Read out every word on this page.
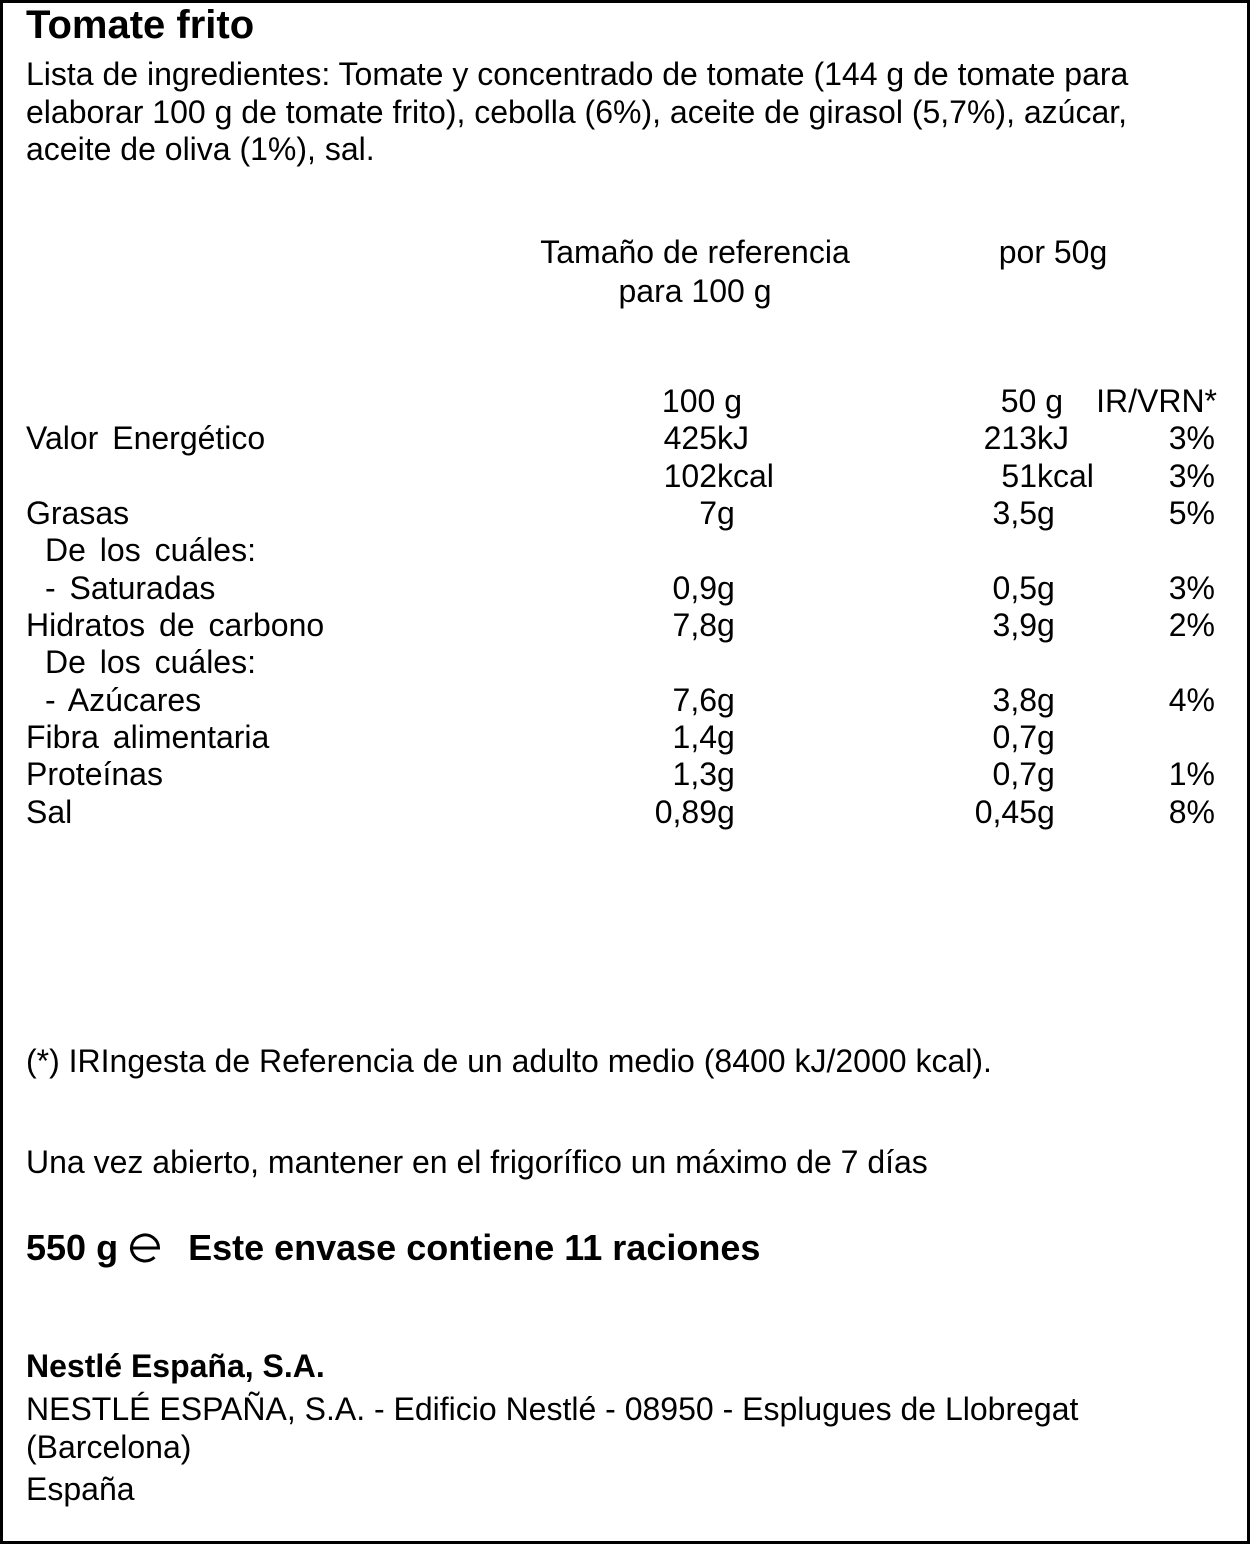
Tomate frito

Lista de ingredientes: Tomate y concentrado de tomate (144 g de tomate para elaborar 100 g de tomate frito), cebolla (6%), aceite de girasol (5,7%), azúcar, aceite de oliva (1%), sal.

Tamaño de referencia
para 100 g
por 50g
100 g	50 g	IR/VRN*
Valor Energético	425 kJ	213 kJ	3%
102 kcal	51 kcal	3%
Grasas	7 g	3,5 g	5%
De los cuáles:
- Saturadas	0,9 g	0,5 g	3%
Hidratos de carbono	7,8 g	3,9 g	2%
De los cuáles:
- Azúcares	7,6 g	3,8 g	4%
Fibra alimentaria	1,4 g	0,7 g
Proteínas	1,3 g	0,7 g	1%
Sal	0,89 g	0,45 g	8%
(*) IRIngesta de Referencia de un adulto medio (8400 kJ/2000 kcal).
Una vez abierto, mantener en el frigorífico un máximo de 7 días
550 g Este envase contiene 11 raciones
Nestlé España, S.A.

NESTLÉ ESPAÑA, S.A. - Edificio Nestlé - 08950 - Esplugues de Llobregat (Barcelona)

España
